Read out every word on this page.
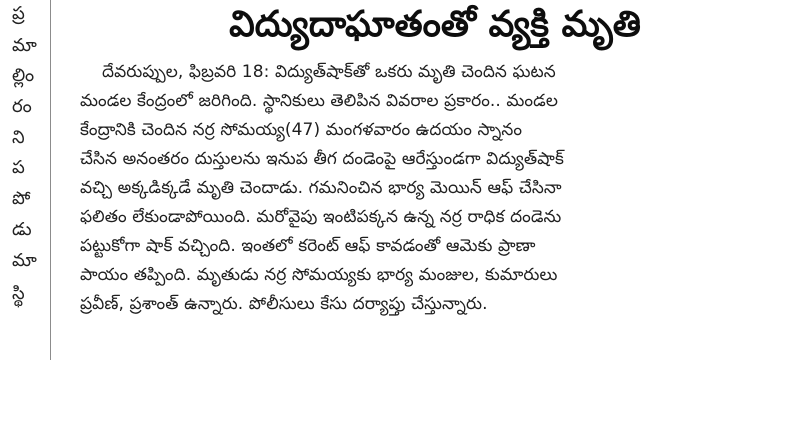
ప్ర
మా
ల్లిం
రం
ని
ప
పో
డు
మా
స్థి
విద్యుదాఘాతంతో వ్యక్తి మృతి
దేవరుప్పుల, ఫిబ్రవరి 18: విద్యుత్‌షాక్‌తో ఒకరు మృతి చెందిన ఘటన
మండల కేంద్రంలో జరిగింది. స్థానికులు తెలిపిన వివరాల ప్రకారం.. మండల
కేంద్రానికి చెందిన నర్ర సోమయ్య(47) మంగళవారం ఉదయం స్నానం
చేసిన అనంతరం దుస్తులను ఇనుప తీగ దండెంపై ఆరేస్తుండగా విద్యుత్‌షాక్
వచ్చి అక్కడిక్కడే మృతి చెందాడు. గమనించిన భార్య మెయిన్ ఆఫ్ చేసినా
ఫలితం లేకుండాపోయింది. మరోవైపు ఇంటిపక్కన ఉన్న నర్ర రాధిక దండెను
పట్టుకోగా షాక్ వచ్చింది. ఇంతలో కరెంట్ ఆఫ్ కావడంతో ఆమెకు ప్రాణా
పాయం తప్పింది. మృతుడు నర్ర సోమయ్యకు భార్య మంజుల, కుమారులు
ప్రవీణ్, ప్రశాంత్ ఉన్నారు. పోలీసులు కేసు దర్యాప్తు చేస్తున్నారు.
